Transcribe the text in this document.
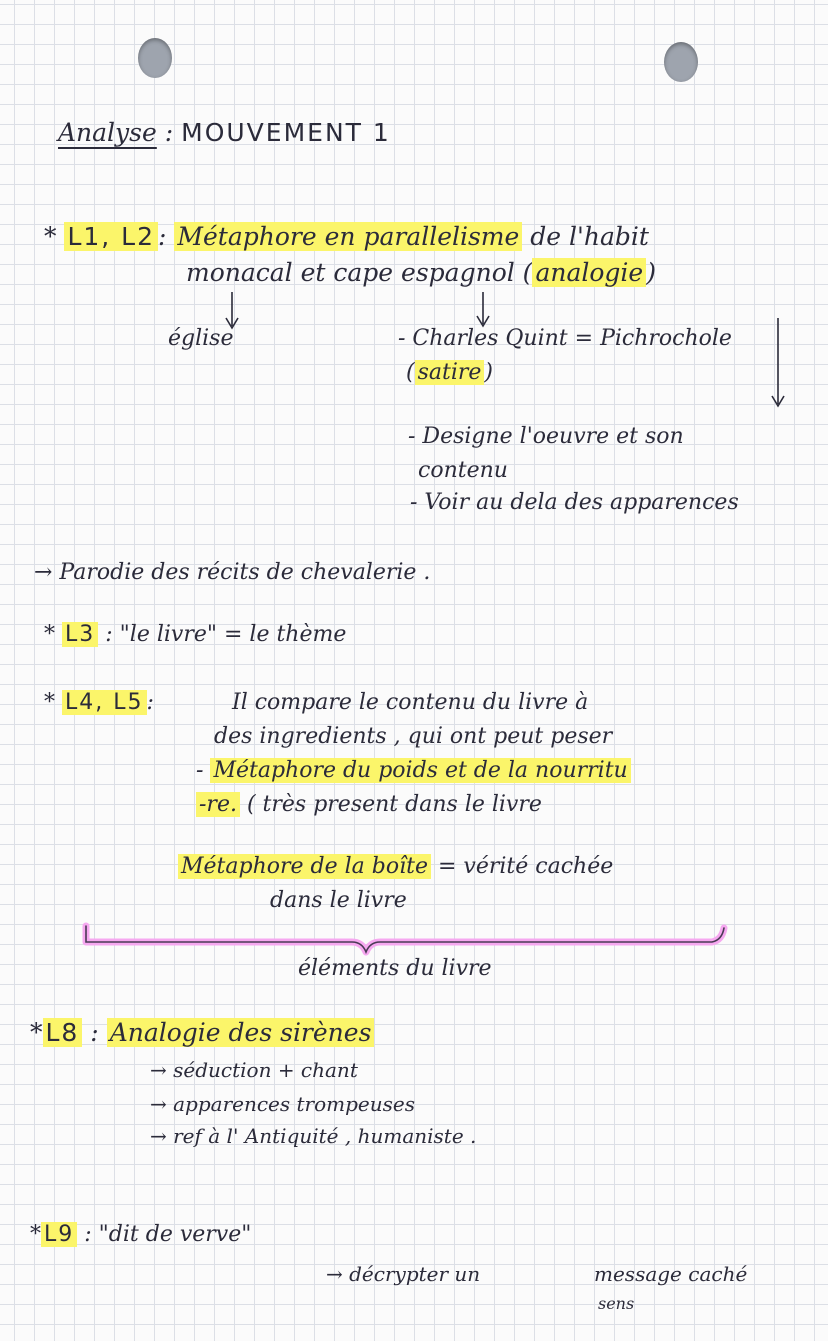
Analyse : MOUVEMENT 1
* L1, L2 : Métaphore en parallelisme de l'habit
monacal et cape espagnol ( analogie )
église	- Charles Quint = Pichrochole
( satire )
- Designe l'oeuvre et son
contenu
- Voir au dela des apparences
→ Parodie des récits de chevalerie .
* L3 : "le livre" = le thème
* L4, L5 :	Il compare le contenu du livre à
des ingredients , qui ont peut peser
- Métaphore du poids et de la nourritu
-re. ( très present dans le livre
Métaphore de la boîte = vérité cachée
dans le livre
éléments du livre
* L8 : Analogie des sirènes
→ séduction + chant
→ apparences trompeuses
→ ref à l' Antiquité , humaniste .
* L9 : "dit de verve"
→ décrypter un	message caché
sens
